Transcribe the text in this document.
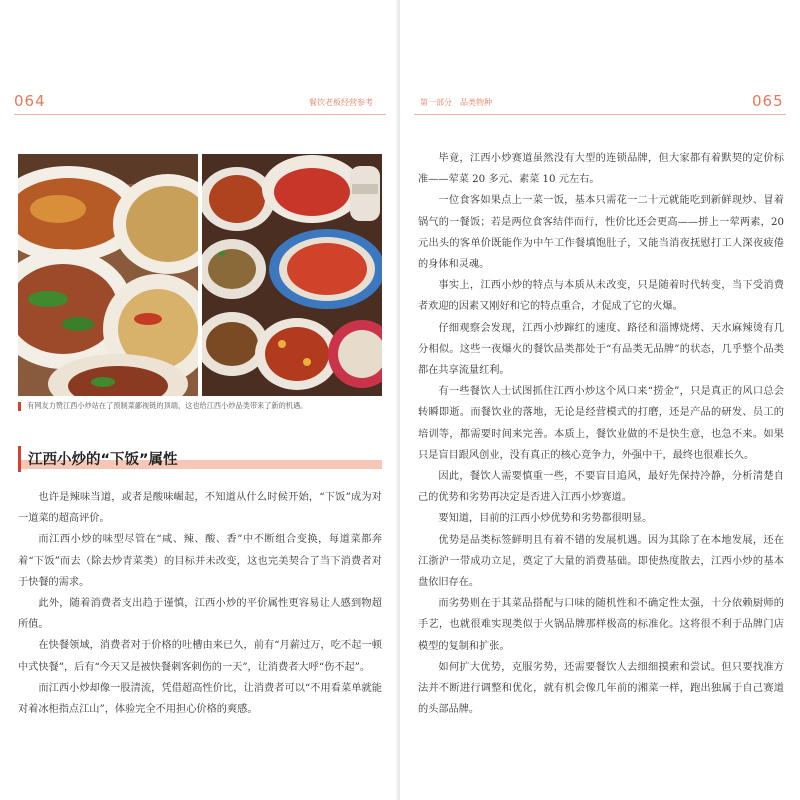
064	餐饮老板经营参考
有网友力赞江西小炒站在了预制菜鄙视链的顶端，这也给江西小炒品类带来了新的机遇。
江西小炒的“下饭”属性

也许是辣味当道，或者是酸味崛起，不知道从什么时候开始，“下饭”成为对一道菜的超高评价。

而江西小炒的味型尽管在“咸、辣、酸、香”中不断组合变换，每道菜都奔着“下饭”而去（除去炒青菜类）的目标并未改变，这也完美契合了当下消费者对于快餐的需求。

此外，随着消费者支出趋于谨慎，江西小炒的平价属性更容易让人感到物超所值。

在快餐领域，消费者对于价格的吐槽由来已久，前有“月薪过万，吃不起一顿中式快餐”，后有“今天又是被快餐刺客刺伤的一天”，让消费者大呼“伤不起”。

而江西小炒却像一股清流，凭借超高性价比，让消费者可以“不用看菜单就能对着冰柜指点江山”，体验完全不用担心价格的爽感。

第一部分　品类物种	065

毕竟，江西小炒赛道虽然没有大型的连锁品牌，但大家都有着默契的定价标准——荤菜 20 多元、素菜 10 元左右。

一位食客如果点上一菜一饭，基本只需花一二十元就能吃到新鲜现炒、冒着锅气的一餐饭；若是两位食客结伴而行，性价比还会更高——拼上一荤两素，20 元出头的客单价既能作为中午工作餐填饱肚子，又能当消夜抚慰打工人深夜疲倦的身体和灵魂。

事实上，江西小炒的特点与本质从未改变，只是随着时代转变，当下受消费者欢迎的因素又刚好和它的特点重合，才促成了它的火爆。

仔细观察会发现，江西小炒蹿红的速度、路径和淄博烧烤、天水麻辣烫有几分相似。这些一夜爆火的餐饮品类都处于“有品类无品牌”的状态，几乎整个品类都在共享流量红利。

有一些餐饮人士试图抓住江西小炒这个风口来“捞金”，只是真正的风口总会转瞬即逝。而餐饮业的落地，无论是经营模式的打磨，还是产品的研发、员工的培训等，都需要时间来完善。本质上，餐饮业做的不是快生意，也急不来。如果只是盲目跟风创业，没有真正的核心竞争力，外强中干，最终也很难长久。

因此，餐饮人需要慎重一些，不要盲目追风，最好先保持冷静，分析清楚自己的优势和劣势再决定是否进入江西小炒赛道。

要知道，目前的江西小炒优势和劣势都很明显。

优势是品类标签鲜明且有着不错的发展机遇。因为其除了在本地发展，还在江浙沪一带成功立足，奠定了大量的消费基础。即使热度散去，江西小炒的基本盘依旧存在。

而劣势则在于其菜品搭配与口味的随机性和不确定性太强，十分依赖厨师的手艺，也就很难实现类似于火锅品牌那样极高的标准化。这将很不利于品牌门店模型的复制和扩张。

如何扩大优势，克服劣势，还需要餐饮人去细细摸索和尝试。但只要找准方法并不断进行调整和优化，就有机会像几年前的湘菜一样，跑出独属于自己赛道的头部品牌。
